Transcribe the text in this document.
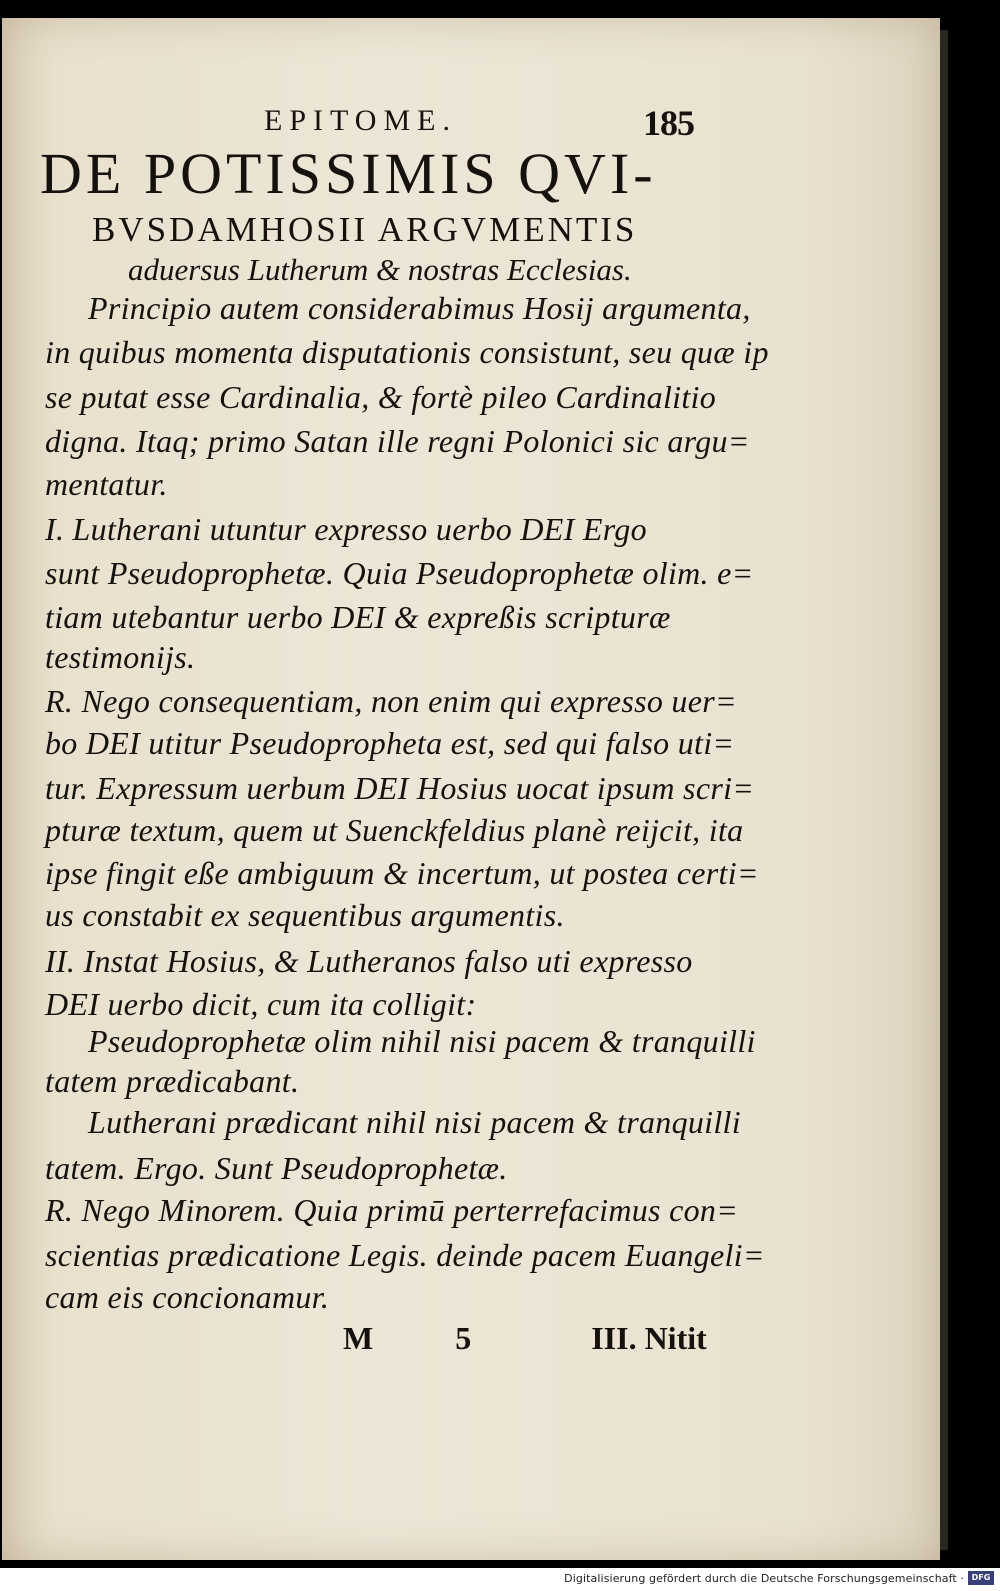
EPITOME.	185
DE POTISSIMIS QVI-
BVSDAMHOSII ARGVMENTIS
aduersus Lutherum & nostras Ecclesias.
Principio autem considerabimus Hosij argumenta,
in quibus momenta disputationis consistunt, seu quæ ip
se putat esse Cardinalia, & fortè pileo Cardinalitio
digna. Itaq; primo Satan ille regni Polonici sic argu=
mentatur.
I. Lutherani utuntur expresso uerbo DEI Ergo
sunt Pseudoprophetæ. Quia Pseudoprophetæ olim. e=
tiam utebantur uerbo DEI & expreßis scripturæ
testimonijs.
R. Nego consequentiam, non enim qui expresso uer=
bo DEI utitur Pseudopropheta est, sed qui falso uti=
tur. Expressum uerbum DEI Hosius uocat ipsum scri=
pturæ textum, quem ut Suenckfeldius planè reijcit, ita
ipse fingit eße ambiguum & incertum, ut postea certi=
us constabit ex sequentibus argumentis.
II. Instat Hosius, & Lutheranos falso uti expresso
DEI uerbo dicit, cum ita colligit:
Pseudoprophetæ olim nihil nisi pacem & tranquilli
tatem prædicabant.
Lutherani prædicant nihil nisi pacem & tranquilli
tatem. Ergo. Sunt Pseudoprophetæ.
R. Nego Minorem. Quia primū perterrefacimus con=
scientias prædicatione Legis. deinde pacem Euangeli=
cam eis concionamur.
M	5	III. Nitit
Digitalisierung gefördert durch die Deutsche Forschungsgemeinschaft · DFG
